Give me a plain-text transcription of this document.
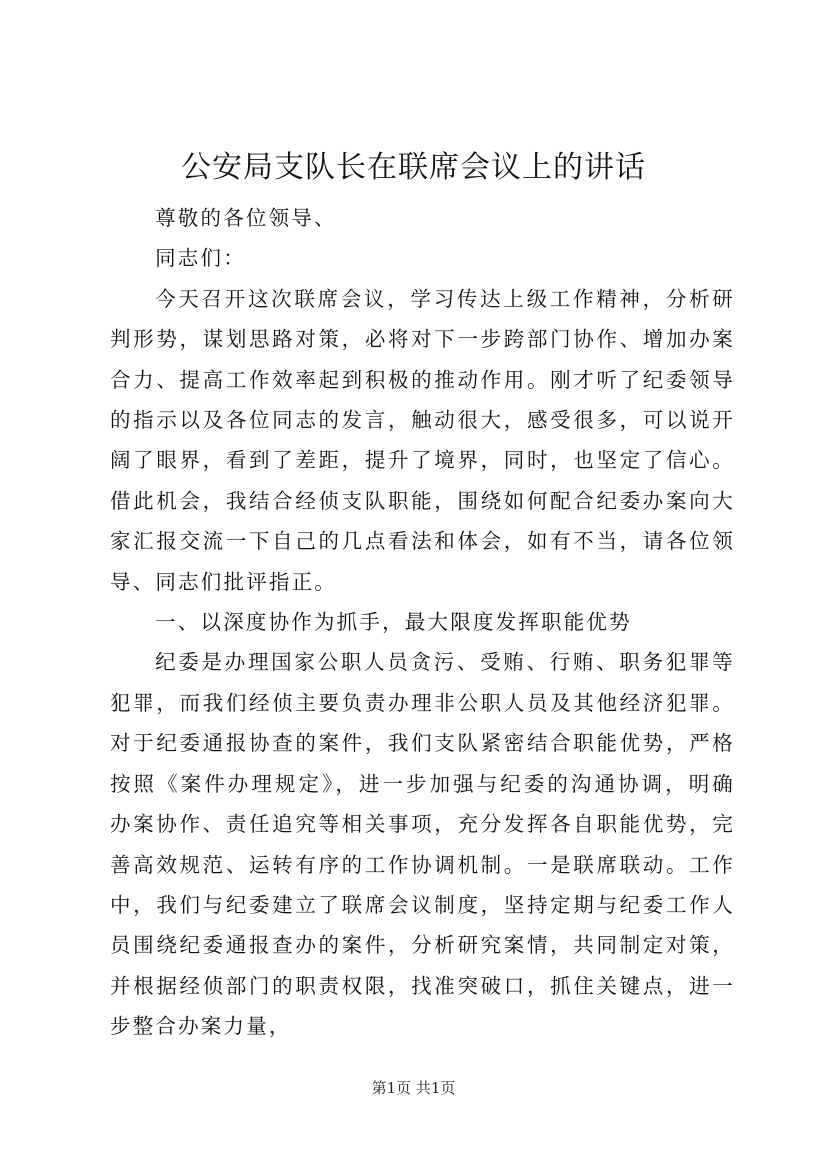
公安局支队长在联席会议上的讲话

尊敬的各位领导、

同志们：

今天召开这次联席会议，学习传达上级工作精神，分析研判形势，谋划思路对策，必将对下一步跨部门协作、增加办案合力、提高工作效率起到积极的推动作用。刚才听了纪委领导的指示以及各位同志的发言，触动很大，感受很多，可以说开阔了眼界，看到了差距，提升了境界，同时，也坚定了信心。借此机会，我结合经侦支队职能，围绕如何配合纪委办案向大家汇报交流一下自己的几点看法和体会，如有不当，请各位领导、同志们批评指正。

一、以深度协作为抓手，最大限度发挥职能优势

纪委是办理国家公职人员贪污、受贿、行贿、职务犯罪等犯罪，而我们经侦主要负责办理非公职人员及其他经济犯罪。对于纪委通报协查的案件，我们支队紧密结合职能优势，严格按照《案件办理规定》，进一步加强与纪委的沟通协调，明确办案协作、责任追究等相关事项，充分发挥各自职能优势，完善高效规范、运转有序的工作协调机制。一是联席联动。工作中，我们与纪委建立了联席会议制度，坚持定期与纪委工作人员围绕纪委通报查办的案件，分析研究案情，共同制定对策，并根据经侦部门的职责权限，找准突破口，抓住关键点，进一步整合办案力量，

第1页 共1页
